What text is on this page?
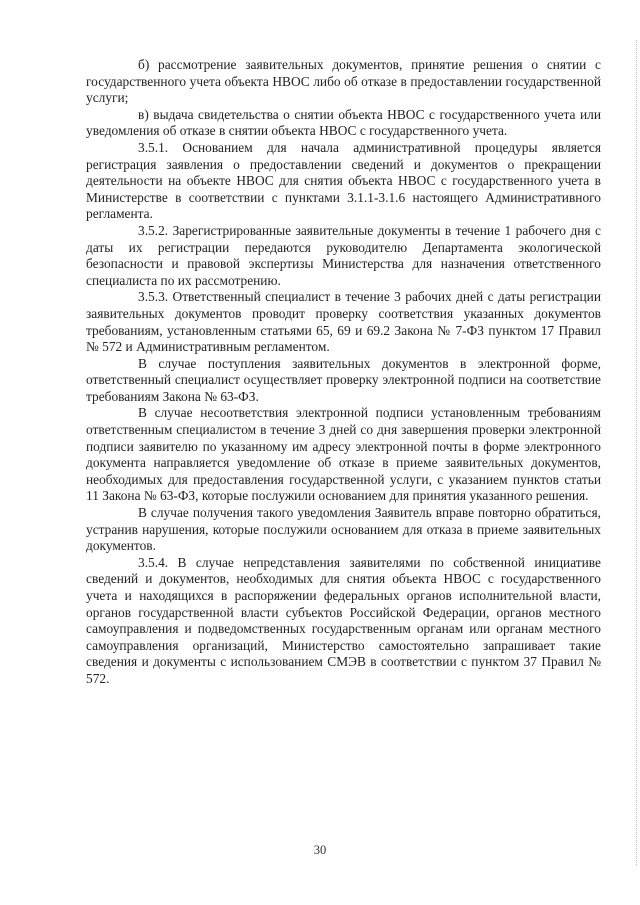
б) рассмотрение заявительных документов, принятие решения о снятии с государственного учета объекта НВОС либо об отказе в предоставлении государственной услуги;

в) выдача свидетельства о снятии объекта НВОС с государственного учета или уведомления об отказе в снятии объекта НВОС с государственного учета.

3.5.1. Основанием для начала административной процедуры является регистрация заявления о предоставлении сведений и документов о прекращении деятельности на объекте НВОС для снятия объекта НВОС с государственного учета в Министерстве в соответствии с пунктами 3.1.1-3.1.6 настоящего Административного регламента.

3.5.2. Зарегистрированные заявительные документы в течение 1 рабочего дня с даты их регистрации передаются руководителю Департамента экологической безопасности и правовой экспертизы Министерства для назначения ответственного специалиста по их рассмотрению.

3.5.3. Ответственный специалист в течение 3 рабочих дней с даты регистрации заявительных документов проводит проверку соответствия указанных документов требованиям, установленным статьями 65, 69 и 69.2 Закона № 7-ФЗ пунктом 17 Правил № 572 и Административным регламентом.

В случае поступления заявительных документов в электронной форме, ответственный специалист осуществляет проверку электронной подписи на соответствие требованиям Закона № 63-ФЗ.

В случае несоответствия электронной подписи установленным требованиям ответственным специалистом в течение 3 дней со дня завершения проверки электронной подписи заявителю по указанному им адресу электронной почты в форме электронного документа направляется уведомление об отказе в приеме заявительных документов, необходимых для предоставления государственной услуги, с указанием пунктов статьи 11 Закона № 63-ФЗ, которые послужили основанием для принятия указанного решения.

В случае получения такого уведомления Заявитель вправе повторно обратиться, устранив нарушения, которые послужили основанием для отказа в приеме заявительных документов.

3.5.4. В случае непредставления заявителями по собственной инициативе сведений и документов, необходимых для снятия объекта НВОС с государственного учета и находящихся в распоряжении федеральных органов исполнительной власти, органов государственной власти субъектов Российской Федерации, органов местного самоуправления и подведомственных государственным органам или органам местного самоуправления организаций, Министерство самостоятельно запрашивает такие сведения и документы с использованием СМЭВ в соответствии с пунктом 37 Правил № 572.

30
